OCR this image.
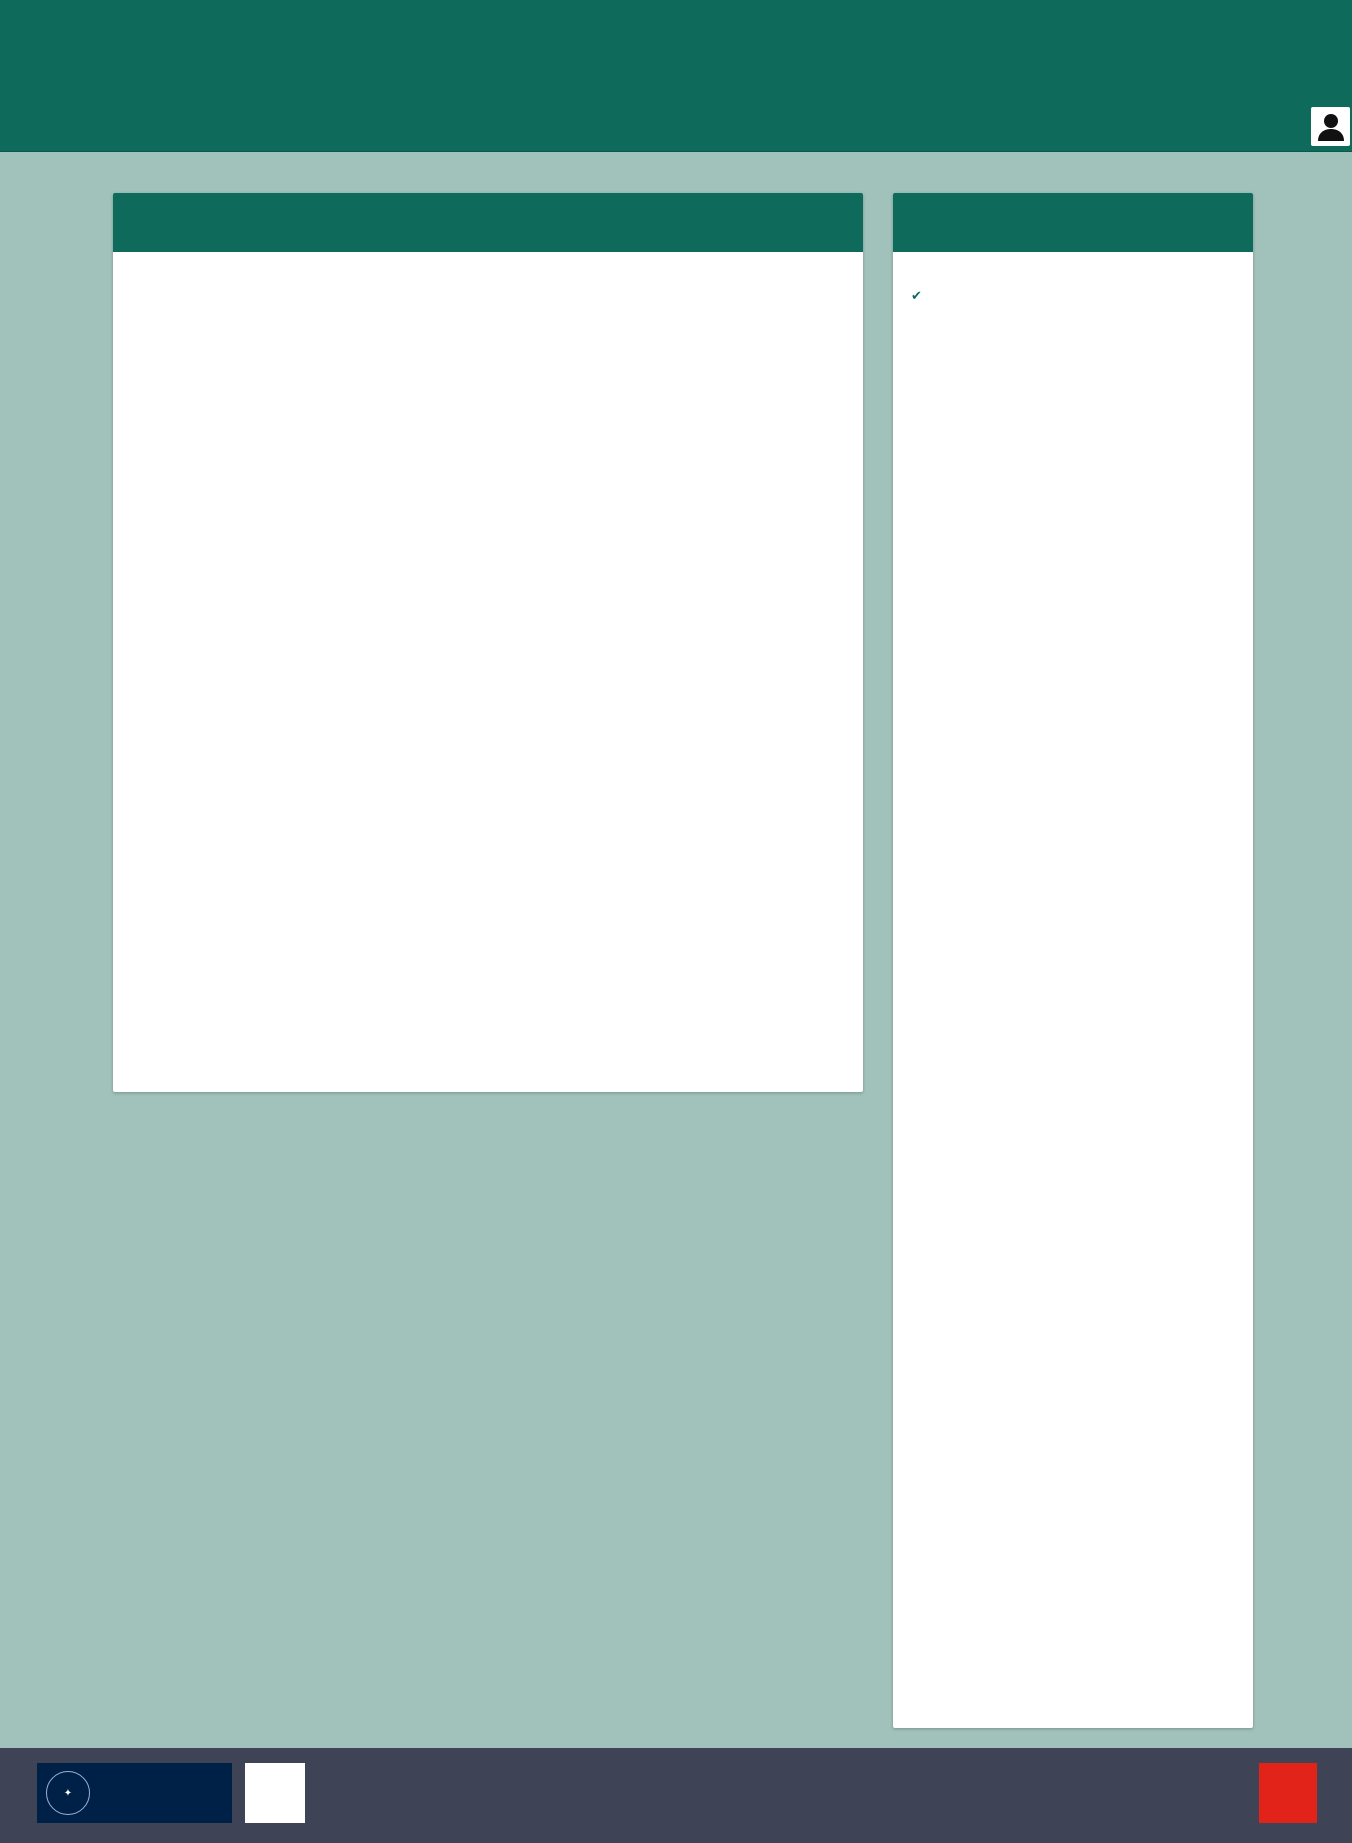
✔
✦
